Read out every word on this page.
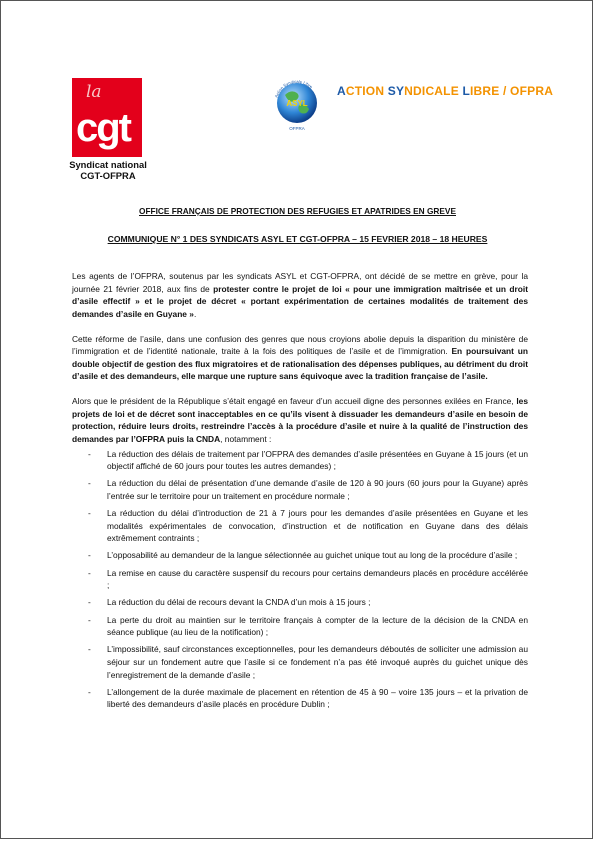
la
cgt
Syndicat national
CGT-OFPRA
Action Syndicale Libre
ASYL
OFPRA
ACTION SYNDICALE LIBRE / OFPRA
OFFICE FRANÇAIS DE PROTECTION DES REFUGIES ET APATRIDES EN GREVE
COMMUNIQUE N° 1 DES SYNDICATS ASYL ET CGT-OFPRA – 15 FEVRIER 2018 – 18 HEURES

Les agents de l’OFPRA, soutenus par les syndicats ASYL et CGT-OFPRA, ont décidé de se mettre en grève, pour la journée 21 février 2018, aux fins de protester contre le projet de loi « pour une immigration maîtrisée et un droit d’asile effectif » et le projet de décret « portant expérimentation de certaines modalités de traitement des demandes d’asile en Guyane ».

Cette réforme de l’asile, dans une confusion des genres que nous croyions abolie depuis la disparition du ministère de l’immigration et de l’identité nationale, traite à la fois des politiques de l’asile et de l’immigration. En poursuivant un double objectif de gestion des flux migratoires et de rationalisation des dépenses publiques, au détriment du droit d’asile et des demandeurs, elle marque une rupture sans équivoque avec la tradition française de l’asile.

Alors que le président de la République s’était engagé en faveur d’un accueil digne des personnes exilées en France, les projets de loi et de décret sont inacceptables en ce qu’ils visent à dissuader les demandeurs d’asile en besoin de protection, réduire leurs droits, restreindre l’accès à la procédure d’asile et nuire à la qualité de l’instruction des demandes par l’OFPRA puis la CNDA, notamment :

- La réduction des délais de traitement par l’OFPRA des demandes d’asile présentées en Guyane à 15 jours (et un objectif affiché de 60 jours pour toutes les autres demandes) ;
- La réduction du délai de présentation d’une demande d’asile de 120 à 90 jours (60 jours pour la Guyane) après l’entrée sur le territoire pour un traitement en procédure normale ;
- La réduction du délai d’introduction de 21 à 7 jours pour les demandes d’asile présentées en Guyane et les modalités expérimentales de convocation, d’instruction et de notification en Guyane dans des délais extrêmement contraints ;
- L’opposabilité au demandeur de la langue sélectionnée au guichet unique tout au long de la procédure d’asile ;
- La remise en cause du caractère suspensif du recours pour certains demandeurs placés en procédure accélérée ;
- La réduction du délai de recours devant la CNDA d’un mois à 15 jours ;
- La perte du droit au maintien sur le territoire français à compter de la lecture de la décision de la CNDA en séance publique (au lieu de la notification) ;
- L’impossibilité, sauf circonstances exceptionnelles, pour les demandeurs déboutés de solliciter une admission au séjour sur un fondement autre que l’asile si ce fondement n’a pas été invoqué auprès du guichet unique dès l’enregistrement de la demande d’asile ;
- L’allongement de la durée maximale de placement en rétention de 45 à 90 – voire 135 jours – et la privation de liberté des demandeurs d’asile placés en procédure Dublin ;
